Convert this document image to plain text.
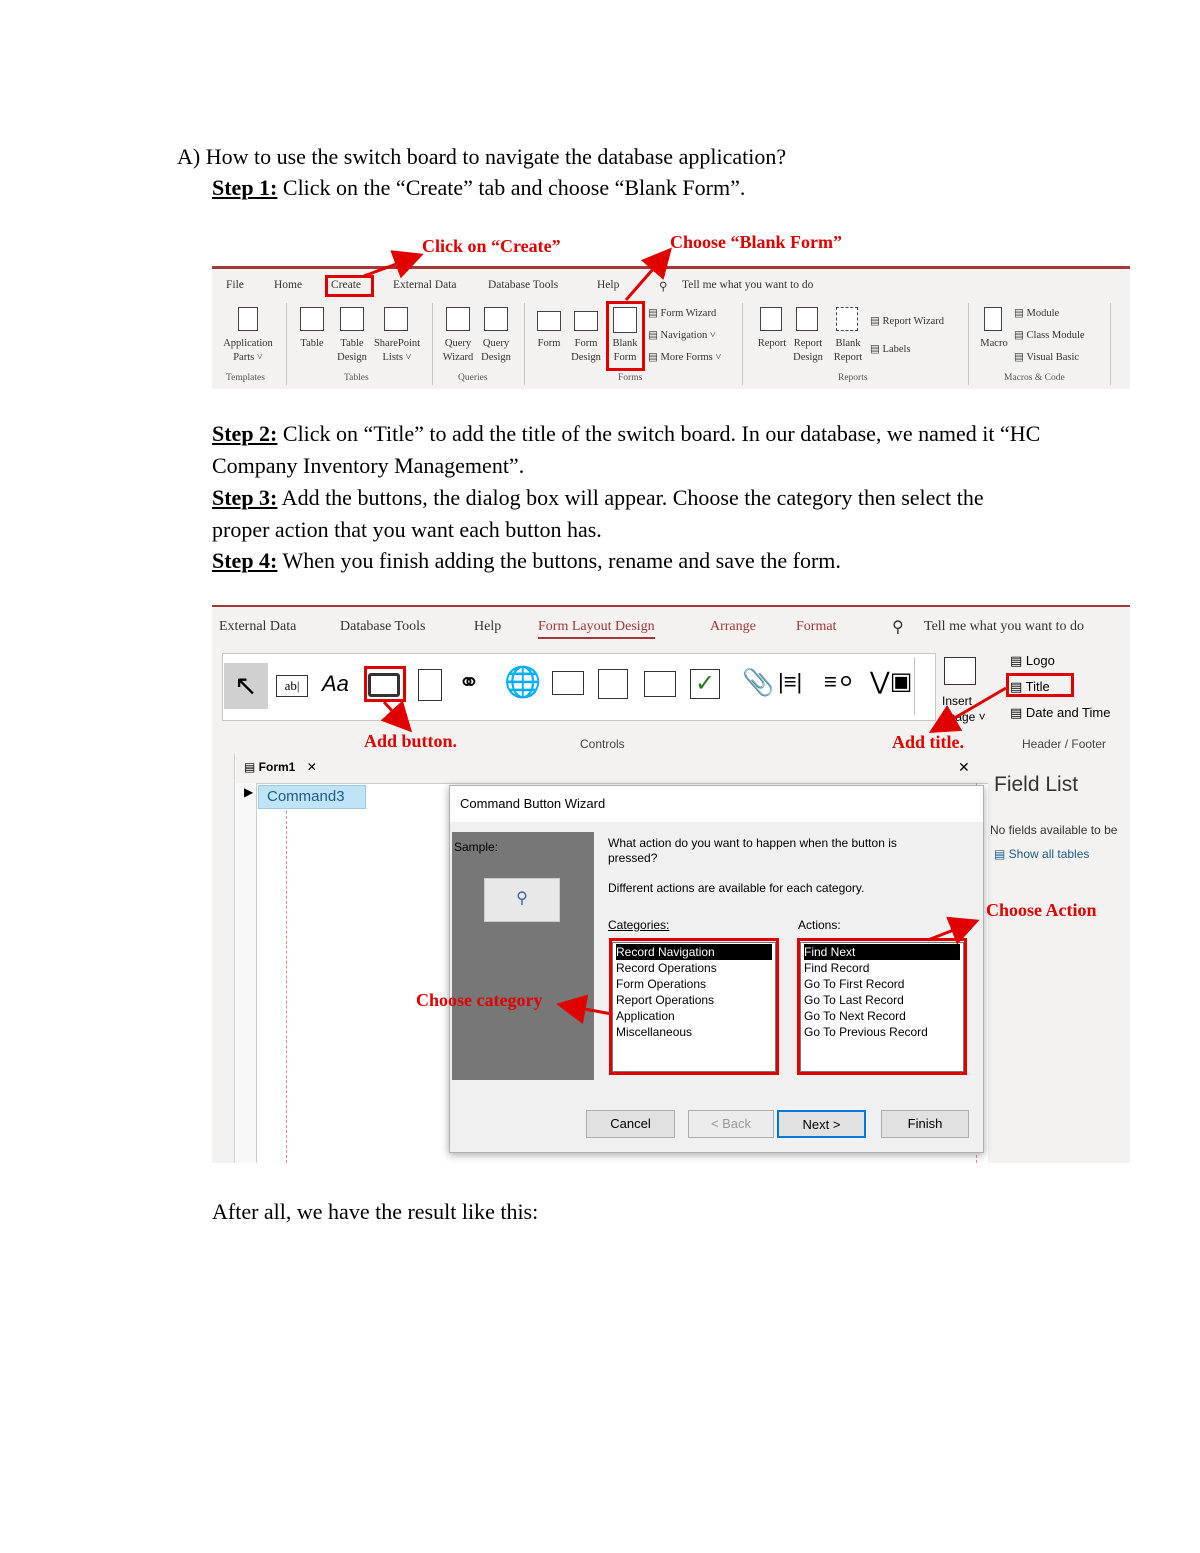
A) How to use the switch board to navigate the database application?
Step 1: Click on the “Create” tab and choose “Blank Form”.
Step 2: Click on “Title” to add the title of the switch board. In our database, we named it “HC Company Inventory Management”.
Step 3: Add the buttons, the dialog box will appear. Choose the category then select the proper action that you want each button has.
Step 4: When you finish adding the buttons, rename and save the form.
After all, we have the result like this:
File	Home	Create	External Data	Database Tools	Help	⚲ Tell me what you want to do
Application Parts ˅
Table	Table Design
SharePoint Lists ˅
Query Wizard
Query Design
Form	Form Design
Blank Form
▤ Form Wizard
▤ Navigation ˅
▤ More Forms ˅
Report Report Design
Blank Report
▤ Report Wizard
▤ Labels
Macro
▤ Module
▤ Class Module
▤ Visual Basic
Templates	Tables	Queries	Forms	Reports	Macros & Code
Click on “Create”	Choose “Blank Form”
External Data	Database Tools	Help	Form Layout Design	Arrange	Format	⚲ Tell me what you want to do
↖	ab|	Aa	⚭ 🌐	✓ 📎 |≡| ≡⚪ ⋁▣
Insert Image ˅
▤ Logo
▤ Title
▤ Date and Time
Controls	Header / Footer
Add button.	Add title.
▤ Form1 ✕	✕
▶ Command3
Field List
No fields available to be
▤ Show all tables
Command Button Wizard
Sample:
⚲
What action do you want to happen when the button is pressed?
Different actions are available for each category.
Categories:	Actions:
Record Navigation
Record Operations
Form Operations
Report Operations
Application
Miscellaneous
Find Next
Find Record
Go To First Record
Go To Last Record
Go To Next Record
Go To Previous Record
Cancel	< Back	Next >	Finish
Choose Action
Choose category
